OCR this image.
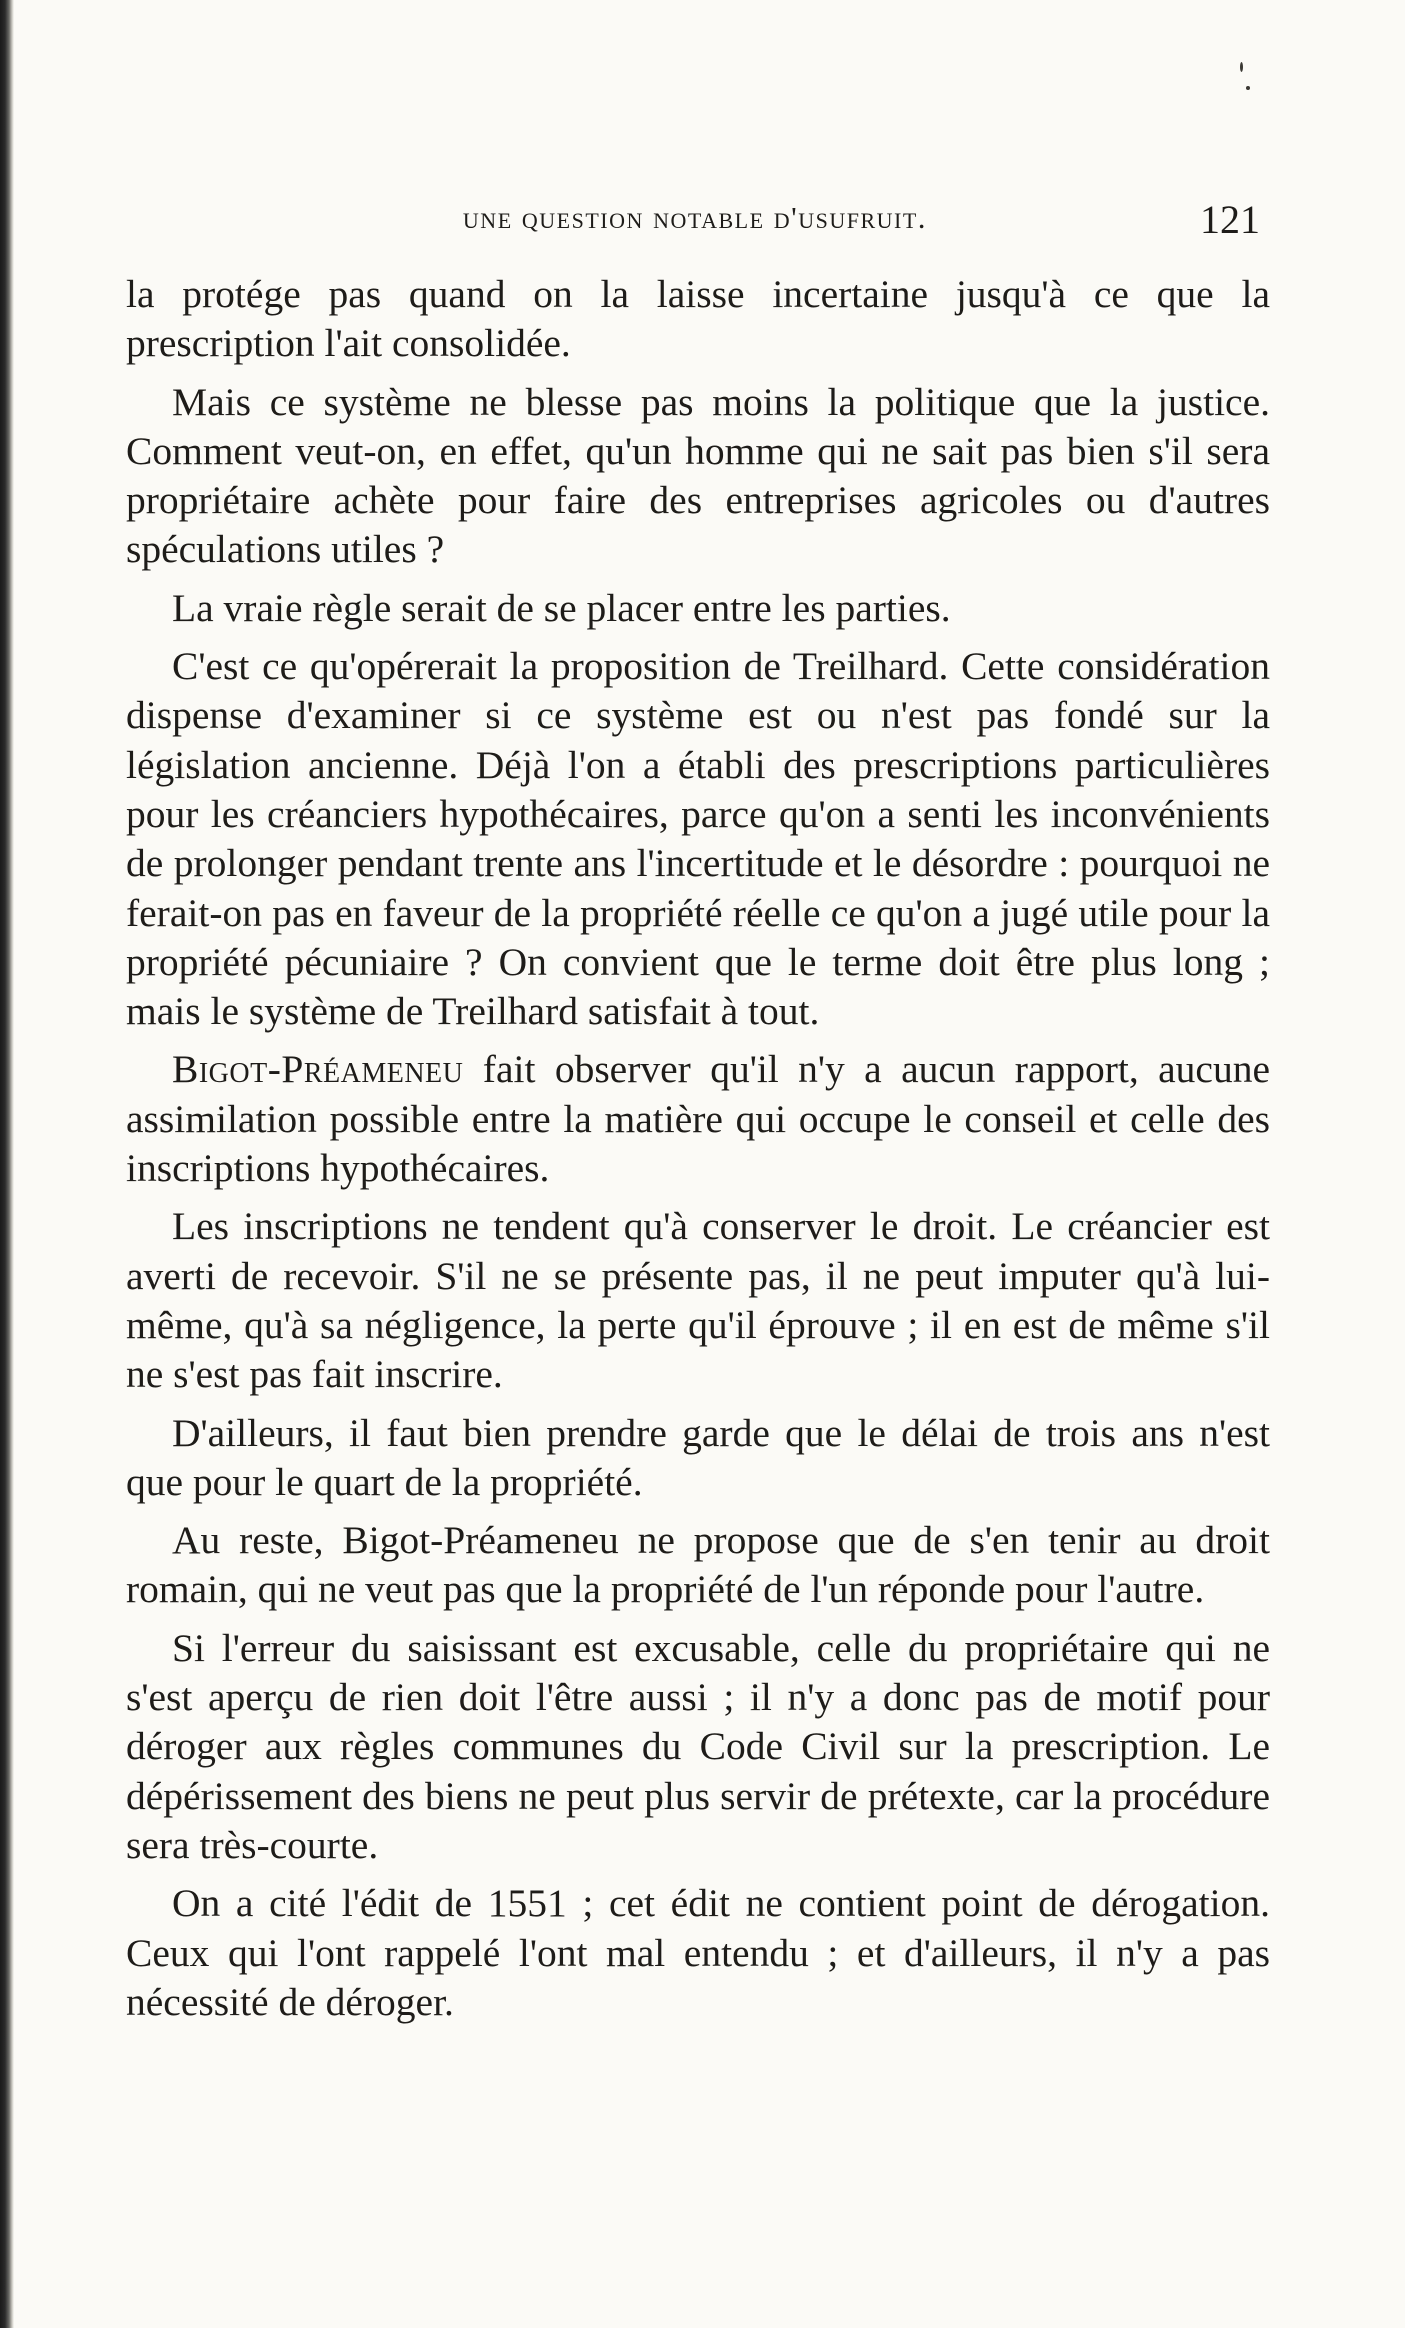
une question notable d'usufruit.	121

la protége pas quand on la laisse incertaine jusqu'à ce que la prescription l'ait consolidée.

Mais ce système ne blesse pas moins la politique que la justice. Comment veut-on, en effet, qu'un homme qui ne sait pas bien s'il sera propriétaire achète pour faire des entreprises agricoles ou d'autres spéculations utiles ?

La vraie règle serait de se placer entre les parties.

C'est ce qu'opérerait la proposition de Treilhard. Cette considération dispense d'examiner si ce système est ou n'est pas fondé sur la législation ancienne. Déjà l'on a établi des prescriptions particulières pour les créanciers hypothécaires, parce qu'on a senti les inconvénients de prolonger pendant trente ans l'incertitude et le désordre : pourquoi ne ferait-on pas en faveur de la propriété réelle ce qu'on a jugé utile pour la propriété pécuniaire ? On convient que le terme doit être plus long ; mais le système de Treilhard satisfait à tout.

Bigot-Préameneu fait observer qu'il n'y a aucun rapport, aucune assimilation possible entre la matière qui occupe le conseil et celle des inscriptions hypothécaires.

Les inscriptions ne tendent qu'à conserver le droit. Le créancier est averti de recevoir. S'il ne se présente pas, il ne peut imputer qu'à lui-même, qu'à sa négligence, la perte qu'il éprouve ; il en est de même s'il ne s'est pas fait inscrire.

D'ailleurs, il faut bien prendre garde que le délai de trois ans n'est que pour le quart de la propriété.

Au reste, Bigot-Préameneu ne propose que de s'en tenir au droit romain, qui ne veut pas que la propriété de l'un réponde pour l'autre.

Si l'erreur du saisissant est excusable, celle du propriétaire qui ne s'est aperçu de rien doit l'être aussi ; il n'y a donc pas de motif pour déroger aux règles communes du Code Civil sur la prescription. Le dépérissement des biens ne peut plus servir de prétexte, car la procédure sera très-courte.

On a cité l'édit de 1551 ; cet édit ne contient point de dérogation. Ceux qui l'ont rappelé l'ont mal entendu ; et d'ailleurs, il n'y a pas nécessité de déroger.
